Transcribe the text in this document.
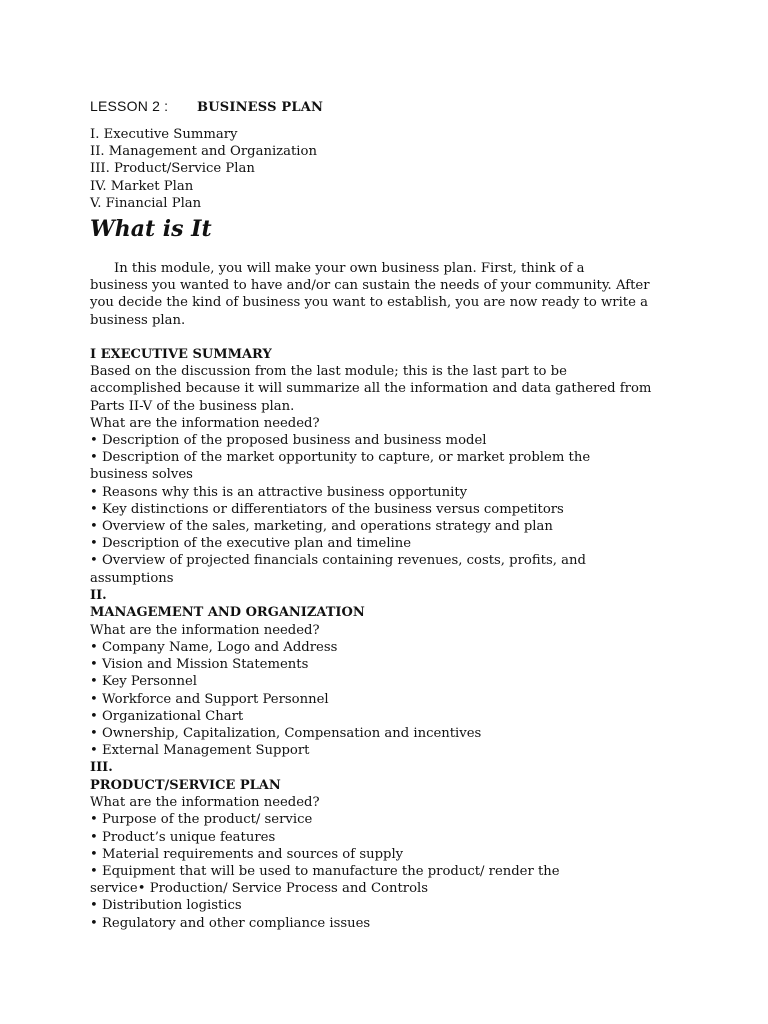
LESSON 2 : BUSINESS PLAN
I. Executive Summary
II. Management and Organization
III. Product/Service Plan
IV. Market Plan
V. Financial Plan
What is It
In this module, you will make your own business plan. First, think of a
business you wanted to have and/or can sustain the needs of your community. After
you decide the kind of business you want to establish, you are now ready to write a
business plan.
I EXECUTIVE SUMMARY
Based on the discussion from the last module; this is the last part to be
accomplished because it will summarize all the information and data gathered from
Parts II-V of the business plan.
What are the information needed?
• Description of the proposed business and business model
• Description of the market opportunity to capture, or market problem the
business solves
• Reasons why this is an attractive business opportunity
• Key distinctions or differentiators of the business versus competitors
• Overview of the sales, marketing, and operations strategy and plan
• Description of the executive plan and timeline
• Overview of projected financials containing revenues, costs, profits, and
assumptions
II.
MANAGEMENT AND ORGANIZATION
What are the information needed?
• Company Name, Logo and Address
• Vision and Mission Statements
• Key Personnel
• Workforce and Support Personnel
• Organizational Chart
• Ownership, Capitalization, Compensation and incentives
• External Management Support
III.
PRODUCT/SERVICE PLAN
What are the information needed?
• Purpose of the product/ service
• Product’s unique features
• Material requirements and sources of supply
• Equipment that will be used to manufacture the product/ render the
service• Production/ Service Process and Controls
• Distribution logistics
• Regulatory and other compliance issues
